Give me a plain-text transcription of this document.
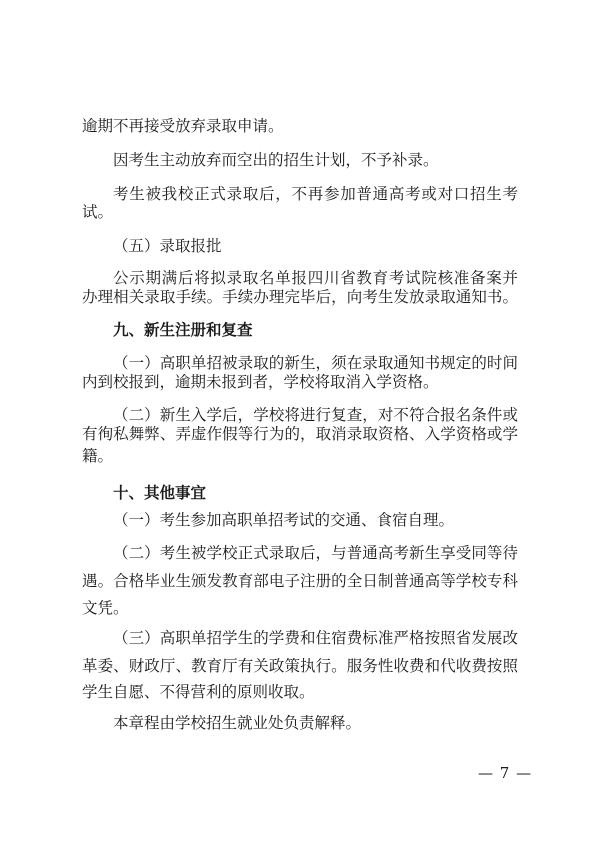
逾期不再接受放弃录取申请。
因考生主动放弃而空出的招生计划，不予补录。
考生被我校正式录取后，不再参加普通高考或对口招生考
试。
（五）录取报批
公示期满后将拟录取名单报四川省教育考试院核准备案并
办理相关录取手续。手续办理完毕后，向考生发放录取通知书。
九、新生注册和复查
（一）高职单招被录取的新生，须在录取通知书规定的时间
内到校报到，逾期未报到者，学校将取消入学资格。
（二）新生入学后，学校将进行复查，对不符合报名条件或
有徇私舞弊、弄虚作假等行为的，取消录取资格、入学资格或学
籍。
十、其他事宜
（一）考生参加高职单招考试的交通、食宿自理。
（二）考生被学校正式录取后，与普通高考新生享受同等待
遇。合格毕业生颁发教育部电子注册的全日制普通高等学校专科
文凭。
（三）高职单招学生的学费和住宿费标准严格按照省发展改
革委、财政厅、教育厅有关政策执行。服务性收费和代收费按照
学生自愿、不得营利的原则收取。
本章程由学校招生就业处负责解释。
— 7 —
